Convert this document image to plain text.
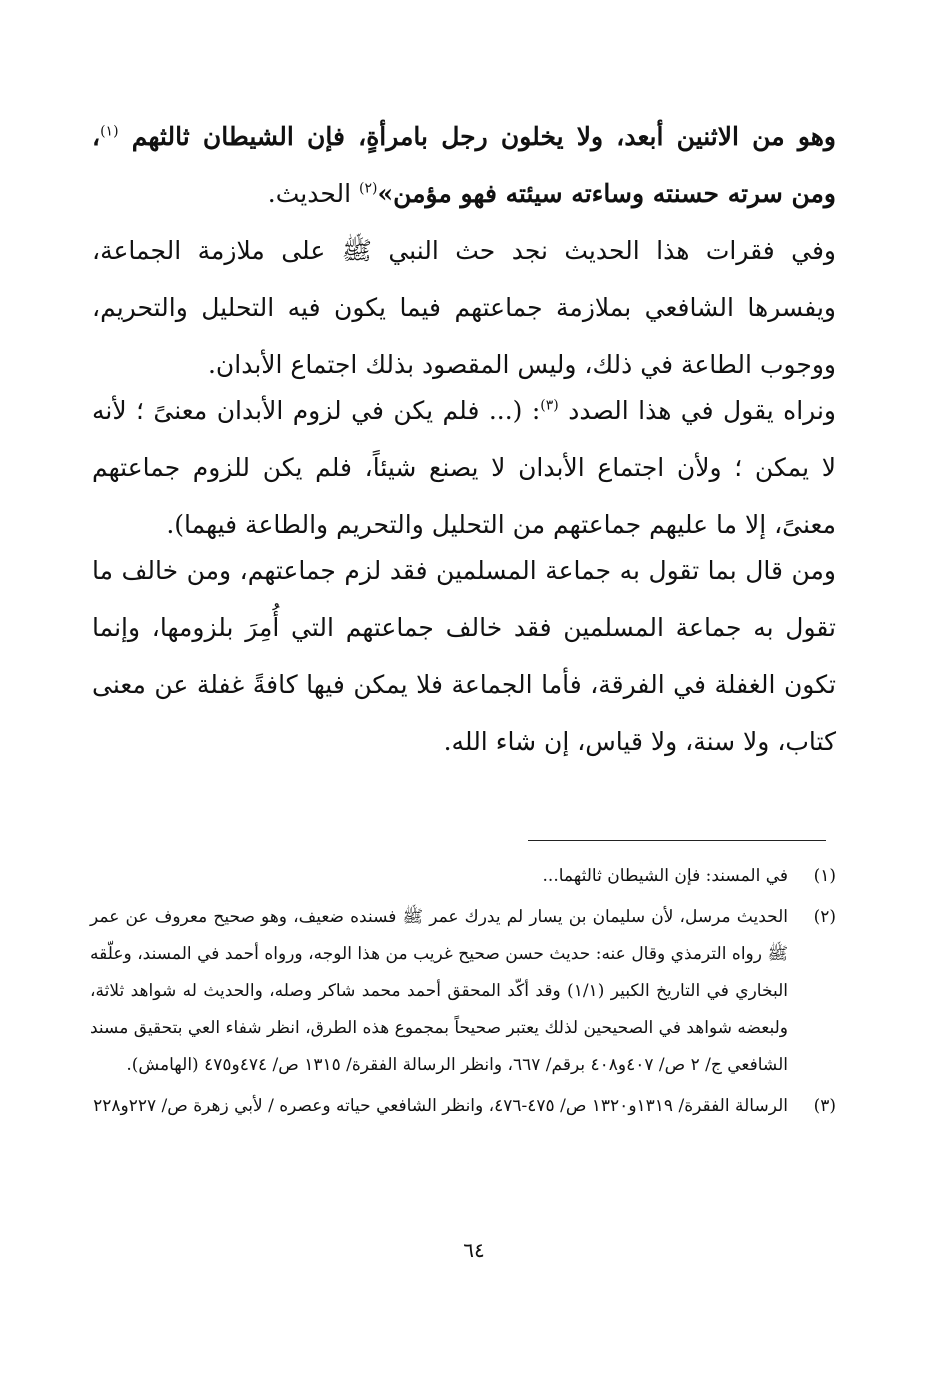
وهو من الاثنين أبعد، ولا يخلون رجل بامرأةٍ، فإن الشيطان ثالثهم $^{(١)}$، ومن سرته حسنته وساءته سيئته فهو مؤمن»$^{(٢)}$ الحديث.

وفي فقرات هذا الحديث نجد حث النبي ﷺ على ملازمة الجماعة، ويفسرها الشافعي بملازمة جماعتهم فيما يكون فيه التحليل والتحريم، ووجوب الطاعة في ذلك، وليس المقصود بذلك اجتماع الأبدان.

ونراه يقول في هذا الصدد $^{(٣)}$: (... فلم يكن في لزوم الأبدان معنىً ؛ لأنه لا يمكن ؛ ولأن اجتماع الأبدان لا يصنع شيئاً، فلم يكن للزوم جماعتهم معنىً، إلا ما عليهم جماعتهم من التحليل والتحريم والطاعة فيهما).

ومن قال بما تقول به جماعة المسلمين فقد لزم جماعتهم، ومن خالف ما تقول به جماعة المسلمين فقد خالف جماعتهم التي أُمِرَ بلزومها، وإنما تكون الغفلة في الفرقة، فأما الجماعة فلا يمكن فيها كافةً غفلة عن معنى كتاب، ولا سنة، ولا قياس، إن شاء الله.

(١)
في المسند: فإن الشيطان ثالثهما...
(٢)
الحديث مرسل، لأن سليمان بن يسار لم يدرك عمر ﷺ فسنده ضعيف، وهو صحيح معروف عن عمر ﷺ رواه الترمذي وقال عنه: حديث حسن صحيح غريب من هذا الوجه، ورواه أحمد في المسند، وعلّقه البخاري في التاريخ الكبير (١/١) وقد أكّد المحقق أحمد محمد شاكر وصله، والحديث له شواهد ثلاثة، ولبعضه شواهد في الصحيحين لذلك يعتبر صحيحاً بمجموع هذه الطرق، انظر شفاء العي بتحقيق مسند الشافعي ج/ ٢ ص/ ٤٠٧و٤٠٨ برقم/ ٦٦٧، وانظر الرسالة الفقرة/ ١٣١٥ ص/ ٤٧٤و٤٧٥ (الهامش).
(٣)
الرسالة الفقرة/ ١٣١٩و١٣٢٠ ص/ ٤٧٥-٤٧٦، وانظر الشافعي حياته وعصره / لأبي زهرة ص/ ٢٢٧و٢٢٨
٦٤
